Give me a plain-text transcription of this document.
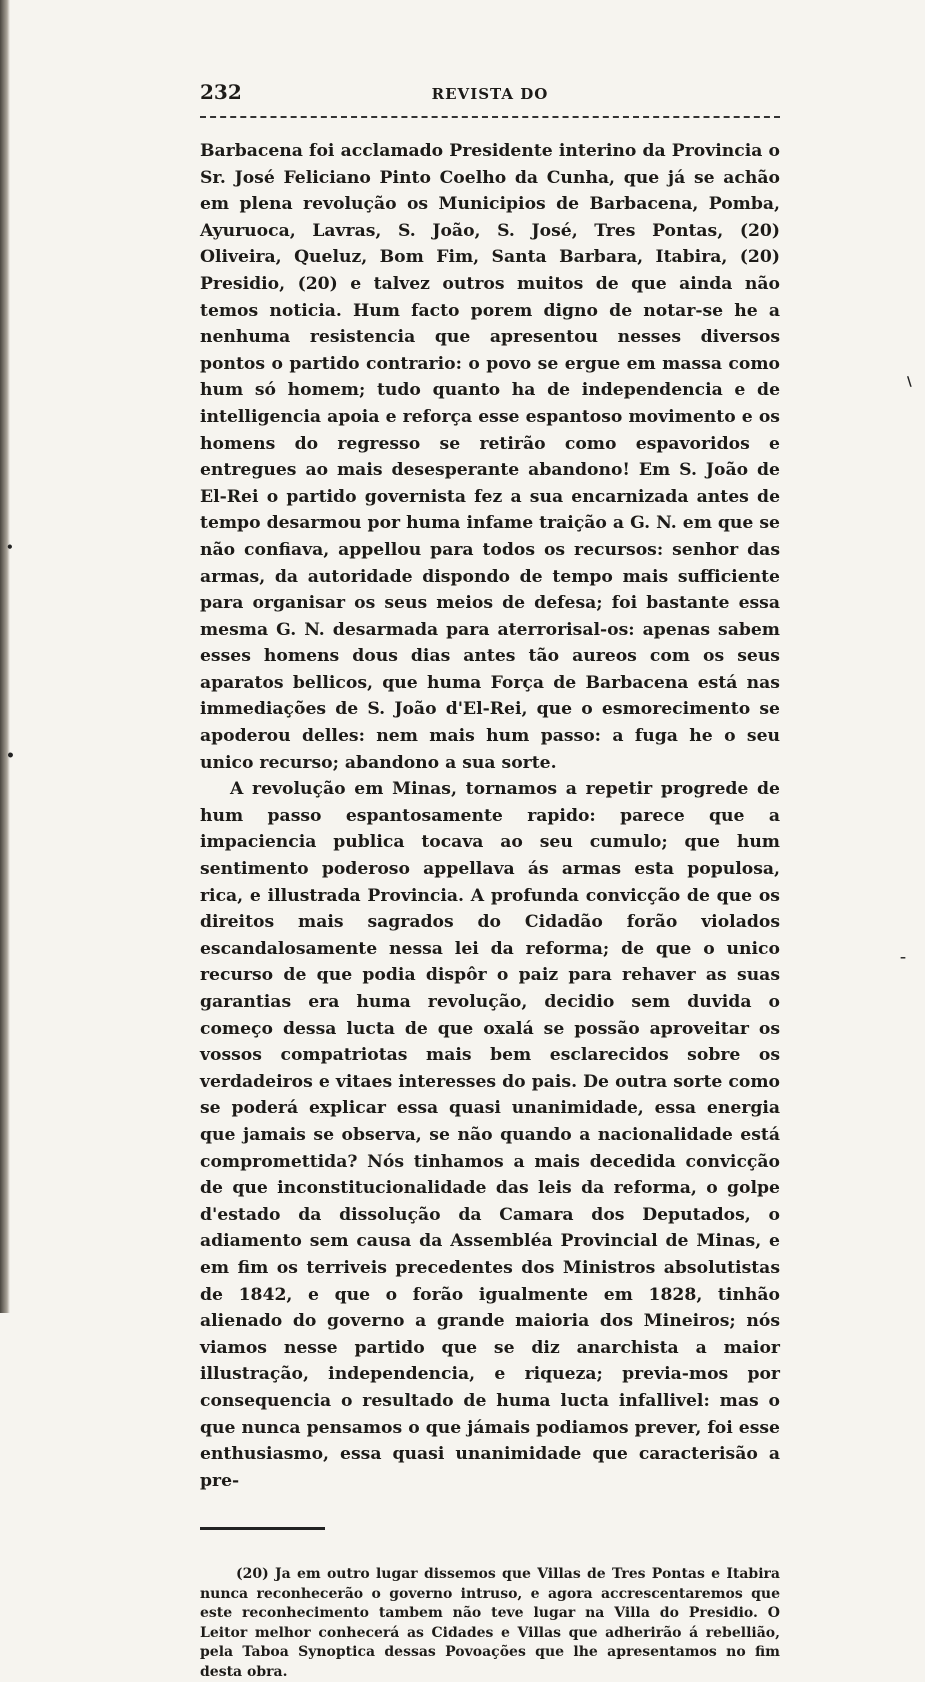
232	REVISTA DO

Barbacena foi acclamado Presidente interino da Provincia o Sr. José Feliciano Pinto Coelho da Cunha, que já se achão em plena revolução os Municipios de Barbacena, Pomba, Ayuruoca, Lavras, S. João, S. José, Tres Pontas, (20) Oliveira, Queluz, Bom Fim, Santa Barbara, Itabira, (20) Presidio, (20) e talvez outros muitos de que ainda não temos noticia. Hum facto porem digno de notar-se he a nenhuma resistencia que apresentou nesses diversos pontos o partido contrario: o povo se ergue em massa como hum só homem; tudo quanto ha de independencia e de intelligencia apoia e reforça esse espantoso movimento e os homens do regresso se retirão como espavoridos e entregues ao mais desesperante abandono! Em S. João de El-Rei o partido governista fez a sua encarnizada antes de tempo desarmou por huma infame traição a G. N. em que se não confiava, appellou para todos os recursos: senhor das armas, da autoridade dispondo de tempo mais sufficiente para organisar os seus meios de defesa; foi bastante essa mesma G. N. desarmada para aterrorisal-os: apenas sabem esses homens dous dias antes tão aureos com os seus aparatos bellicos, que huma Força de Barbacena está nas immediações de S. João d'El-Rei, que o esmorecimento se apoderou delles: nem mais hum passo: a fuga he o seu unico recurso; abandono a sua sorte.

A revolução em Minas, tornamos a repetir progrede de hum passo espantosamente rapido: parece que a impaciencia publica tocava ao seu cumulo; que hum sentimento poderoso appellava ás armas esta populosa, rica, e illustrada Provincia. A profunda convicção de que os direitos mais sagrados do Cidadão forão violados escandalosamente nessa lei da reforma; de que o unico recurso de que podia dispôr o paiz para rehaver as suas garantias era huma revolução, decidio sem duvida o começo dessa lucta de que oxalá se possão aproveitar os vossos compatriotas mais bem esclarecidos sobre os verdadeiros e vitaes interesses do pais. De outra sorte como se poderá explicar essa quasi unanimidade, essa energia que jamais se observa, se não quando a nacionalidade está compromettida? Nós tinhamos a mais decedida convicção de que inconstitucionalidade das leis da reforma, o golpe d'estado da dissolução da Camara dos Deputados, o adiamento sem causa da Assembléa Provincial de Minas, e em fim os terriveis precedentes dos Ministros absolutistas de 1842, e que o forão igualmente em 1828, tinhão alienado do governo a grande maioria dos Mineiros; nós viamos nesse partido que se diz anarchista a maior illustração, independencia, e riqueza; previa-mos por consequencia o resultado de huma lucta infallivel: mas o que nunca pensamos o que jámais podiamos prever, foi esse enthusiasmo, essa quasi unanimidade que caracterisão a pre-

(20) Ja em outro lugar dissemos que Villas de Tres Pontas e Itabira nunca reconhecerão o governo intruso, e agora accrescentaremos que este reconhecimento tambem não teve lugar na Villa do Presidio. O Leitor melhor conhecerá as Cidades e Villas que adherirão á rebellião, pela Taboa Synoptica dessas Povoações que lhe apresentamos no fim desta obra.

∖
•
•
–
